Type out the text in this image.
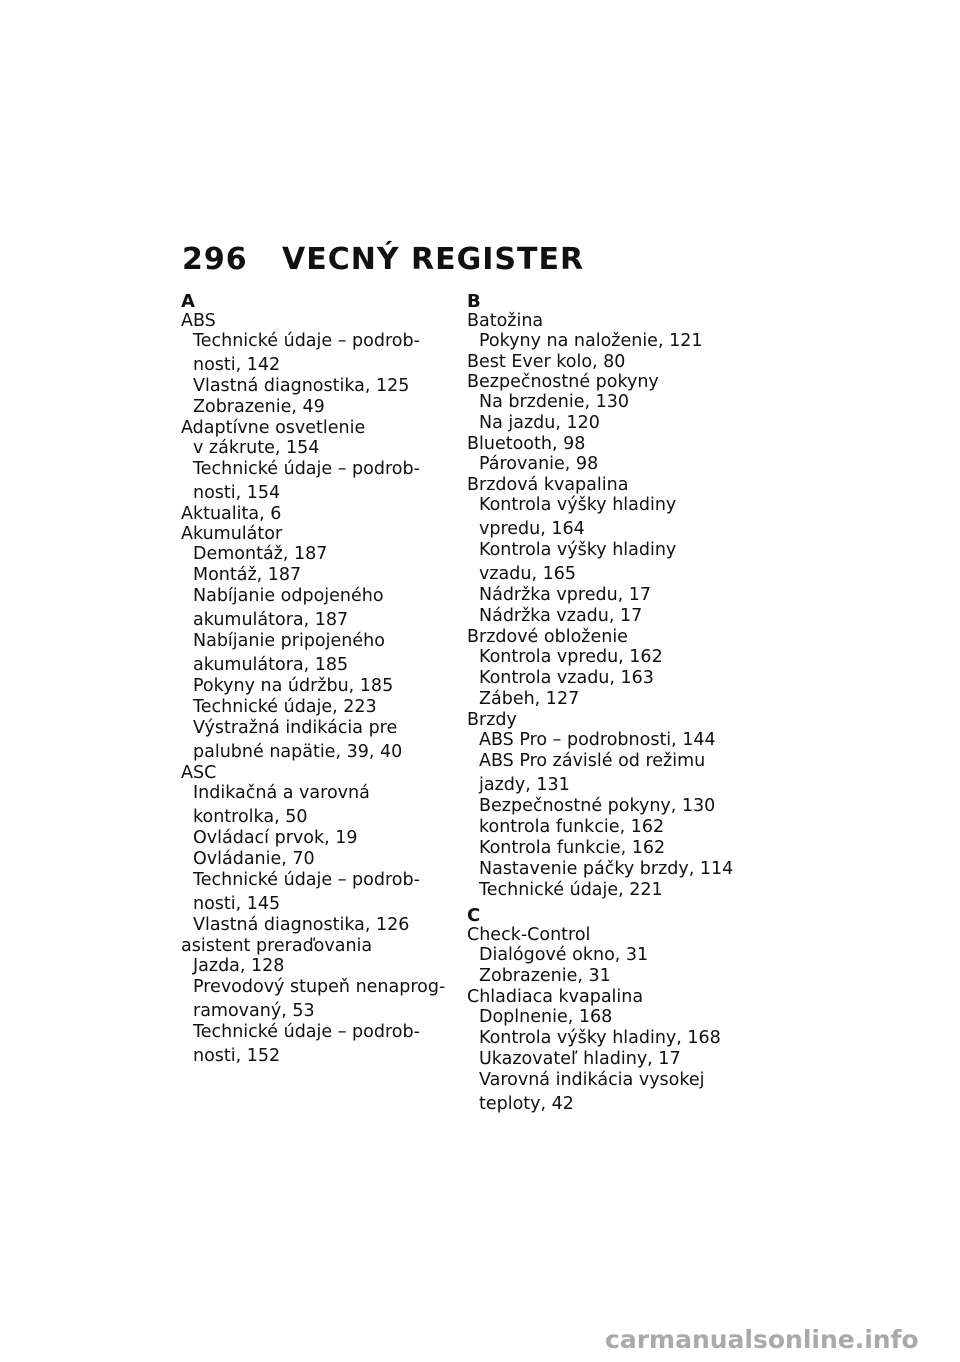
296 VECNÝ REGISTER
A
ABS
Technické údaje – podrob-
nosti, 142
Vlastná diagnostika, 125
Zobrazenie, 49
Adaptívne osvetlenie
v zákrute, 154
Technické údaje – podrob-
nosti, 154
Aktualita, 6
Akumulátor
Demontáž, 187
Montáž, 187
Nabíjanie odpojeného
akumulátora, 187
Nabíjanie pripojeného
akumulátora, 185
Pokyny na údržbu, 185
Technické údaje, 223
Výstražná indikácia pre
palubné napätie, 39, 40
ASC
Indikačná a varovná
kontrolka, 50
Ovládací prvok, 19
Ovládanie, 70
Technické údaje – podrob-
nosti, 145
Vlastná diagnostika, 126
asistent preraďovania
Jazda, 128
Prevodový stupeň nenaprog-
ramovaný, 53
Technické údaje – podrob-
nosti, 152
B
Batožina
Pokyny na naloženie, 121
Best Ever kolo, 80
Bezpečnostné pokyny
Na brzdenie, 130
Na jazdu, 120
Bluetooth, 98
Párovanie, 98
Brzdová kvapalina
Kontrola výšky hladiny
vpredu, 164
Kontrola výšky hladiny
vzadu, 165
Nádržka vpredu, 17
Nádržka vzadu, 17
Brzdové obloženie
Kontrola vpredu, 162
Kontrola vzadu, 163
Zábeh, 127
Brzdy
ABS Pro – podrobnosti, 144
ABS Pro závislé od režimu
jazdy, 131
Bezpečnostné pokyny, 130
kontrola funkcie, 162
Kontrola funkcie, 162
Nastavenie páčky brzdy, 114
Technické údaje, 221
C
Check-Control
Dialógové okno, 31
Zobrazenie, 31
Chladiaca kvapalina
Doplnenie, 168
Kontrola výšky hladiny, 168
Ukazovateľ hladiny, 17
Varovná indikácia vysokej
teploty, 42
carmanualsonline.info
